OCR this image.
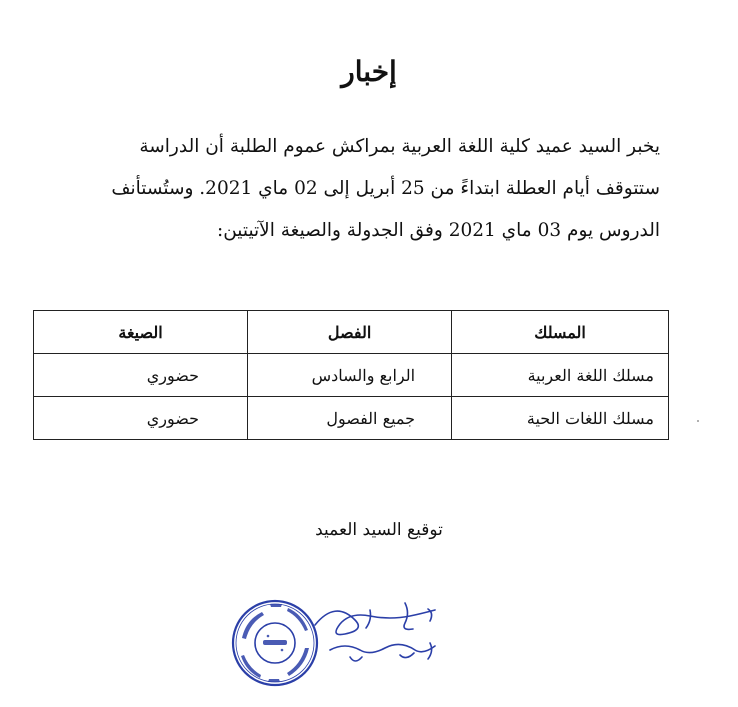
إخبار

يخبر السيد عميد كلية اللغة العربية بمراكش عموم الطلبة أن الدراسة
ستتوقف أيام العطلة ابتداءً من 25 أبريل إلى 02 ماي 2021. وستُستأنف
الدروس يوم 03 ماي 2021 وفق الجدولة والصيغة الآتيتين:

المسلك	الفصل	الصيغة
مسلك اللغة العربية	الرابع والسادس	حضوري
مسلك اللغات الحية	جميع الفصول	حضوري
توقيع السيد العميد
